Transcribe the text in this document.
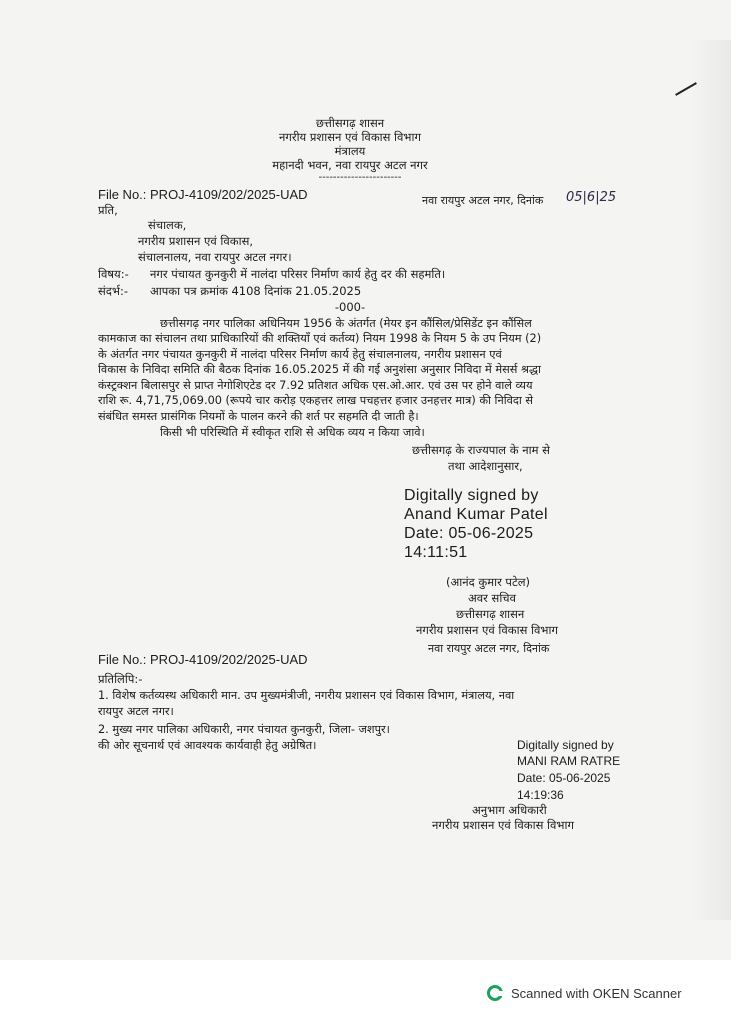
छत्तीसगढ़ शासन
नगरीय प्रशासन एवं विकास विभाग
मंत्रालय
महानदी भवन, नवा रायपुर अटल नगर
-----------------------
File No.: PROJ-4109/202/2025-UAD	नवा रायपुर अटल नगर, दिनांक 05|6|25
प्रति,
संचालक,
नगरीय प्रशासन एवं विकास,
संचालनालय, नवा रायपुर अटल नगर।
विषय:- नगर पंचायत कुनकुरी में नालंदा परिसर निर्माण कार्य हेतु दर की सहमति।
संदर्भ:- आपका पत्र क्रमांक 4108 दिनांक 21.05.2025
-000-
छत्तीसगढ़ नगर पालिका अधिनियम 1956 के अंतर्गत (मेयर इन कौंसिल/प्रेसिडेंट इन कौंसिल
कामकाज का संचालन तथा प्राधिकारियों की शक्तियाँ एवं कर्तव्य) नियम 1998 के नियम 5 के उप नियम (2)
के अंतर्गत नगर पंचायत कुनकुरी में नालंदा परिसर निर्माण कार्य हेतु संचालनालय, नगरीय प्रशासन एवं
विकास के निविदा समिति की बैठक दिनांक 16.05.2025 में की गई अनुशंसा अनुसार निविदा में मेसर्स श्रद्धा
कंस्ट्रक्शन बिलासपुर से प्राप्त नेगोशिएटेड दर 7.92 प्रतिशत अधिक एस.ओ.आर. एवं उस पर होने वाले व्यय
राशि रू. 4,71,75,069.00 (रूपये चार करोड़ एकहत्तर लाख पचहत्तर हजार उनहत्तर मात्र) की निविदा से
संबंधित समस्त प्रासंगिक नियमों के पालन करने की शर्त पर सहमति दी जाती है।
किसी भी परिस्थिति में स्वीकृत राशि से अधिक व्यय न किया जावे।
छत्तीसगढ़ के राज्यपाल के नाम से
तथा आदेशानुसार,
Digitally signed by
Anand Kumar Patel
Date: 05-06-2025
14:11:51
(आनंद कुमार पटेल)
अवर सचिव
छत्तीसगढ़ शासन
नगरीय प्रशासन एवं विकास विभाग
File No.: PROJ-4109/202/2025-UAD
नवा रायपुर अटल नगर, दिनांक
प्रतिलिपि:-
1. विशेष कर्तव्यस्थ अधिकारी मान. उप मुख्यमंत्रीजी, नगरीय प्रशासन एवं विकास विभाग, मंत्रालय, नवा
रायपुर अटल नगर।
2. मुख्य नगर पालिका अधिकारी, नगर पंचायत कुनकुरी, जिला- जशपुर।
की ओर सूचनार्थ एवं आवश्यक कार्यवाही हेतु अग्रेषित।	Digitally signed by
MANI RAM RATRE
Date: 05-06-2025
14:19:36
अनुभाग अधिकारी
नगरीय प्रशासन एवं विकास विभाग
Scanned with OKEN Scanner
